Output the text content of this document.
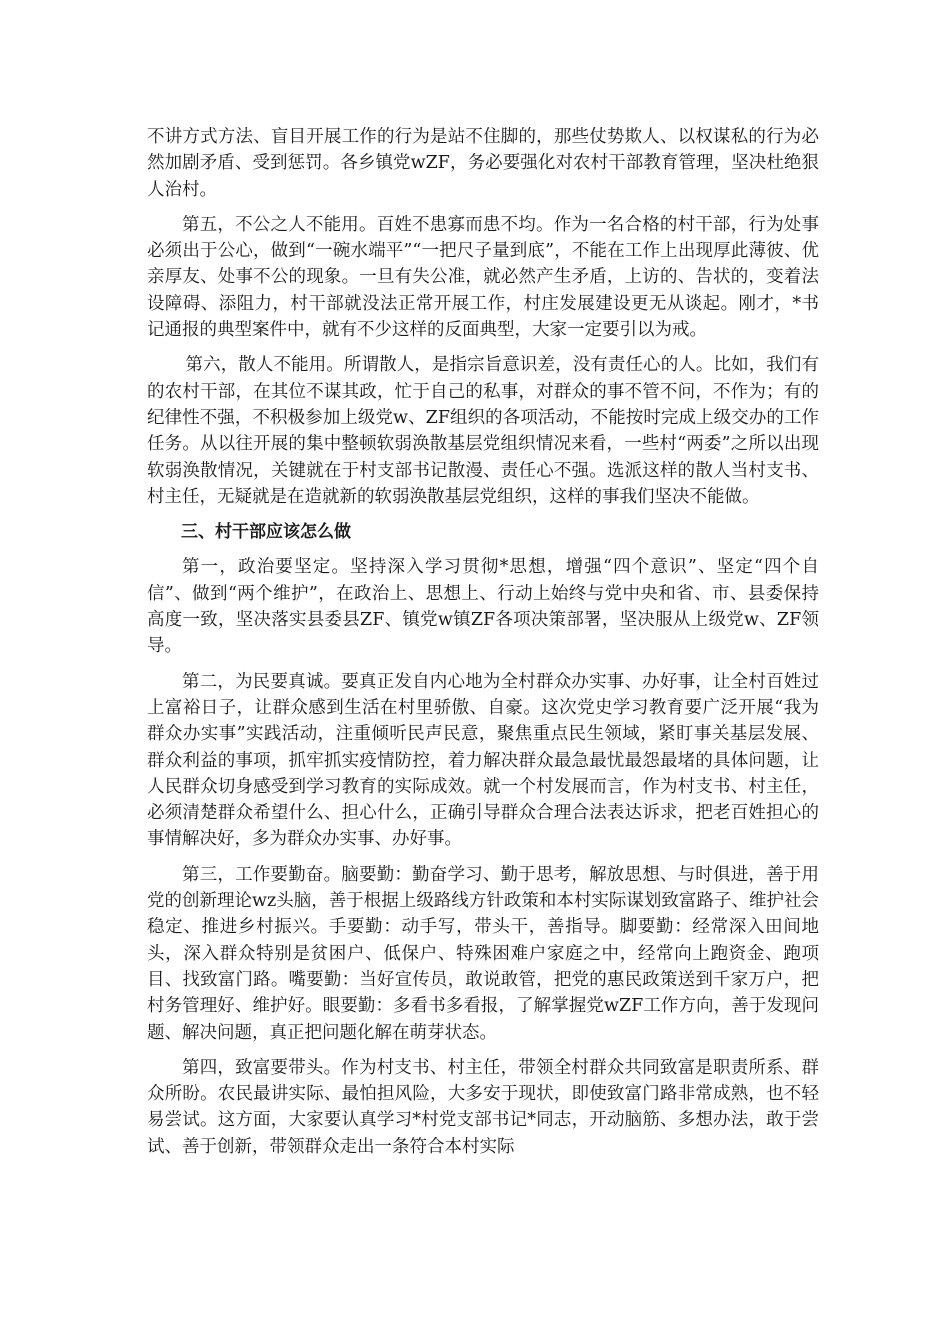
不讲方式方法、盲目开展工作的行为是站不住脚的，那些仗势欺人、以权谋私的行为必然加剧矛盾、受到惩罚。各乡镇党wZF，务必要强化对农村干部教育管理，坚决杜绝狠人治村。

第五，不公之人不能用。百姓不患寡而患不均。作为一名合格的村干部，行为处事必须出于公心，做到“一碗水端平”“一把尺子量到底”，不能在工作上出现厚此薄彼、优亲厚友、处事不公的现象。一旦有失公准，就必然产生矛盾，上访的、告状的，变着法设障碍、添阻力，村干部就没法正常开展工作，村庄发展建设更无从谈起。刚才，*书记通报的典型案件中，就有不少这样的反面典型，大家一定要引以为戒。

第六，散人不能用。所谓散人，是指宗旨意识差，没有责任心的人。比如，我们有的农村干部，在其位不谋其政，忙于自己的私事，对群众的事不管不问，不作为；有的纪律性不强，不积极参加上级党w、ZF组织的各项活动，不能按时完成上级交办的工作任务。从以往开展的集中整顿软弱涣散基层党组织情况来看，一些村“两委”之所以出现软弱涣散情况，关键就在于村支部书记散漫、责任心不强。选派这样的散人当村支书、村主任，无疑就是在造就新的软弱涣散基层党组织，这样的事我们坚决不能做。

三、村干部应该怎么做

第一，政治要坚定。坚持深入学习贯彻*思想，增强“四个意识”、坚定“四个自信”、做到“两个维护”，在政治上、思想上、行动上始终与党中央和省、市、县委保持高度一致，坚决落实县委县ZF、镇党w镇ZF各项决策部署，坚决服从上级党w、ZF领导。

第二，为民要真诚。要真正发自内心地为全村群众办实事、办好事，让全村百姓过上富裕日子，让群众感到生活在村里骄傲、自豪。这次党史学习教育要广泛开展“我为群众办实事”实践活动，注重倾听民声民意，聚焦重点民生领域，紧盯事关基层发展、群众利益的事项，抓牢抓实疫情防控，着力解决群众最急最忧最怨最堵的具体问题，让人民群众切身感受到学习教育的实际成效。就一个村发展而言，作为村支书、村主任，必须清楚群众希望什么、担心什么，正确引导群众合理合法表达诉求，把老百姓担心的事情解决好，多为群众办实事、办好事。

第三，工作要勤奋。脑要勤：勤奋学习、勤于思考，解放思想、与时俱进，善于用党的创新理论wz头脑，善于根据上级路线方针政策和本村实际谋划致富路子、维护社会稳定、推进乡村振兴。手要勤：动手写，带头干，善指导。脚要勤：经常深入田间地头，深入群众特别是贫困户、低保户、特殊困难户家庭之中，经常向上跑资金、跑项目、找致富门路。嘴要勤：当好宣传员，敢说敢管，把党的惠民政策送到千家万户，把村务管理好、维护好。眼要勤：多看书多看报，了解掌握党wZF工作方向，善于发现问题、解决问题，真正把问题化解在萌芽状态。

第四，致富要带头。作为村支书、村主任，带领全村群众共同致富是职责所系、群众所盼。农民最讲实际、最怕担风险，大多安于现状，即使致富门路非常成熟，也不轻易尝试。这方面，大家要认真学习*村党支部书记*同志，开动脑筋、多想办法，敢于尝试、善于创新，带领群众走出一条符合本村实际
